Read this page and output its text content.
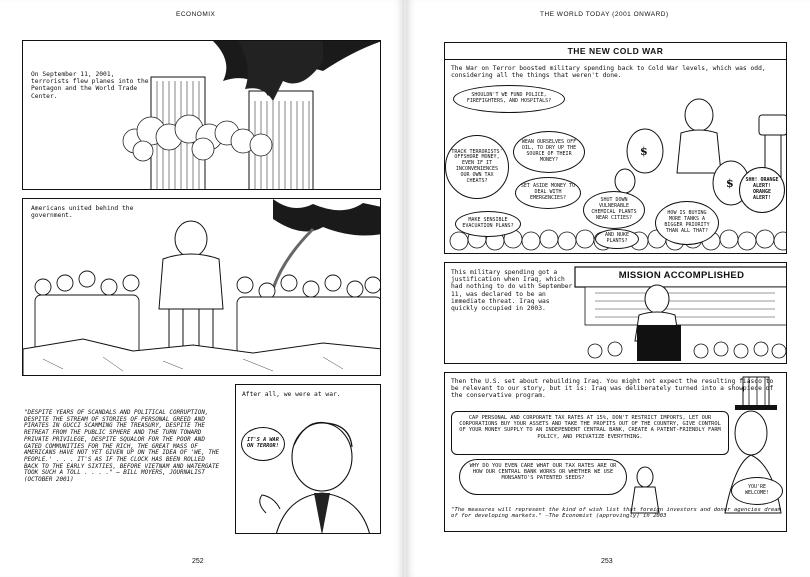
ECONOMIX
On September 11, 2001, terrorists flew planes into the Pentagon and the World Trade Center.
Americans united behind the government.
"DESPITE YEARS OF SCANDALS AND POLITICAL CORRUPTION, DESPITE THE STREAM OF STORIES OF PERSONAL GREED AND PIRATES IN GUCCI SCAMMING THE TREASURY, DESPITE THE RETREAT FROM THE PUBLIC SPHERE AND THE TURN TOWARD PRIVATE PRIVILEGE, DESPITE SQUALOR FOR THE POOR AND GATED COMMUNITIES FOR THE RICH, THE GREAT MASS OF AMERICANS HAVE NOT YET GIVEN UP ON THE IDEA OF 'WE, THE PEOPLE.' . . . IT'S AS IF THE CLOCK HAS BEEN ROLLED BACK TO THE EARLY SIXTIES, BEFORE VIETNAM AND WATERGATE TOOK SUCH A TOLL . . . ." — BILL MOYERS, JOURNALIST (OCTOBER 2001)
After all, we were at war.
IT'S A WAR ON TERROR!
252
THE WORLD TODAY (2001 ONWARD)
THE NEW COLD WAR
$
$
The War on Terror boosted military spending back to Cold War levels, which was odd, considering all the things that weren't done.
SHOULDN'T WE FUND POLICE, FIREFIGHTERS, AND HOSPITALS?
TRACK TERRORISTS' OFFSHORE MONEY, EVEN IF IT INCONVENIENCES OUR OWN TAX CHEATS?
WEAN OURSELVES OFF OIL, TO DRY UP THE SOURCE OF THEIR MONEY?
SET ASIDE MONEY TO DEAL WITH EMERGENCIES?	SHUT DOWN VULNERABLE CHEMICAL PLANTS NEAR CITIES?
AND NUKE PLANTS?
MAKE SENSIBLE EVACUATION PLANS?
HOW IS BUYING MORE TANKS A BIGGER PRIORITY THAN ALL THAT?
SHH! ORANGE ALERT! ORANGE ALERT!
MISSION ACCOMPLISHED
This military spending got a justification when Iraq, which had nothing to do with September 11, was declared to be an immediate threat. Iraq was quickly occupied in 2003.
Then the U.S. set about rebuilding Iraq. You might not expect the resulting fiasco to be relevant to our story, but it is: Iraq was deliberately turned into a showpiece of the conservative program.
CAP PERSONAL AND CORPORATE TAX RATES AT 15%, DON'T RESTRICT IMPORTS, LET OUR CORPORATIONS BUY YOUR ASSETS AND TAKE THE PROFITS OUT OF THE COUNTRY, GIVE CONTROL OF YOUR MONEY SUPPLY TO AN INDEPENDENT CENTRAL BANK, CREATE A PATENT-FRIENDLY FARM POLICY, AND PRIVATIZE EVERYTHING.
WHY DO YOU EVEN CARE WHAT OUR TAX RATES ARE OR HOW OUR CENTRAL BANK WORKS OR WHETHER WE USE MONSANTO'S PATENTED SEEDS?
YOU'RE WELCOME!
"The measures will represent the kind of wish list that foreign investors and donor agencies dream of for developing markets." —The Economist (approvingly) in 2003
253
